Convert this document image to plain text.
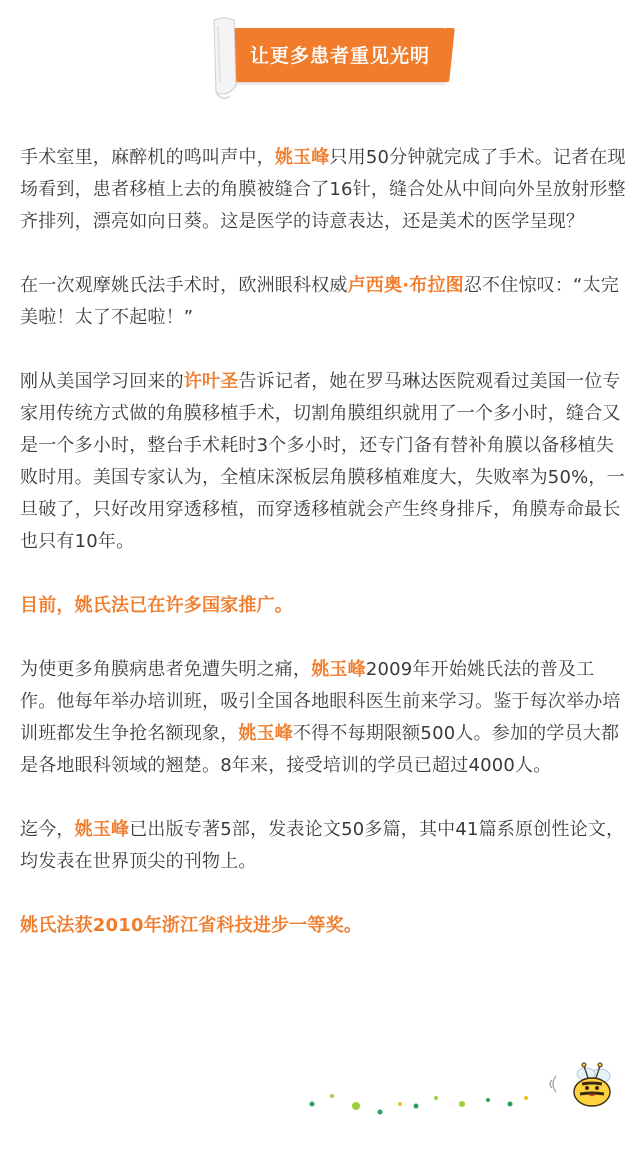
让更多患者重见光明

手术室里，麻醉机的鸣叫声中，姚玉峰只用50分钟就完成了手术。记者在现场看到，患者移植上去的角膜被缝合了16针，缝合处从中间向外呈放射形整齐排列，漂亮如向日葵。这是医学的诗意表达，还是美术的医学呈现？

在一次观摩姚氏法手术时，欧洲眼科权威卢西奥·布拉图忍不住惊叹：“太完美啦！太了不起啦！”

刚从美国学习回来的许叶圣告诉记者，她在罗马琳达医院观看过美国一位专家用传统方式做的角膜移植手术，切割角膜组织就用了一个多小时，缝合又是一个多小时，整台手术耗时3个多小时，还专门备有替补角膜以备移植失败时用。美国专家认为，全植床深板层角膜移植难度大，失败率为50%，一旦破了，只好改用穿透移植，而穿透移植就会产生终身排斥，角膜寿命最长也只有10年。

目前，姚氏法已在许多国家推广。

为使更多角膜病患者免遭失明之痛，姚玉峰2009年开始姚氏法的普及工作。他每年举办培训班，吸引全国各地眼科医生前来学习。鉴于每次举办培训班都发生争抢名额现象，姚玉峰不得不每期限额500人。参加的学员大都是各地眼科领域的翘楚。8年来，接受培训的学员已超过4000人。

迄今，姚玉峰已出版专著5部，发表论文50多篇，其中41篇系原创性论文，均发表在世界顶尖的刊物上。

姚氏法获2010年浙江省科技进步一等奖。
